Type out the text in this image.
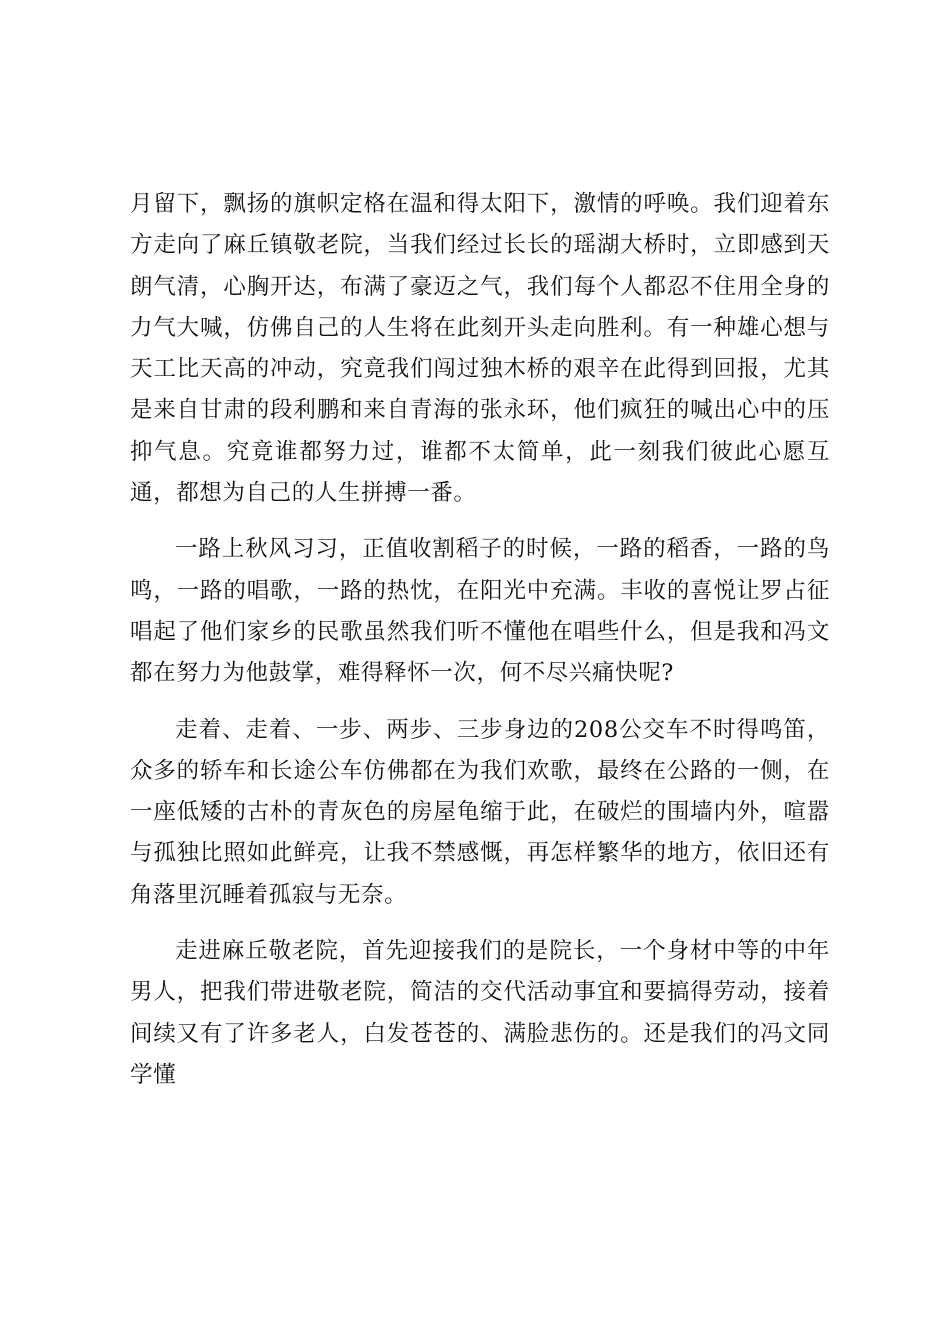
月留下，飘扬的旗帜定格在温和得太阳下，激情的呼唤。我们迎着东方走向了麻丘镇敬老院，当我们经过长长的瑶湖大桥时，立即感到天朗气清，心胸开达，布满了豪迈之气，我们每个人都忍不住用全身的力气大喊，仿佛自己的人生将在此刻开头走向胜利。有一种雄心想与天工比天高的冲动，究竟我们闯过独木桥的艰辛在此得到回报，尤其是来自甘肃的段利鹏和来自青海的张永环，他们疯狂的喊出心中的压抑气息。究竟谁都努力过，谁都不太简单，此一刻我们彼此心愿互通，都想为自己的人生拼搏一番。

一路上秋风习习，正值收割稻子的时候，一路的稻香，一路的鸟鸣，一路的唱歌，一路的热忱，在阳光中充满。丰收的喜悦让罗占征唱起了他们家乡的民歌虽然我们听不懂他在唱些什么，但是我和冯文都在努力为他鼓掌，难得释怀一次，何不尽兴痛快呢?

走着、走着、一步、两步、三步身边的208公交车不时得鸣笛，众多的轿车和长途公车仿佛都在为我们欢歌，最终在公路的一侧，在一座低矮的古朴的青灰色的房屋龟缩于此，在破烂的围墙内外，喧嚣与孤独比照如此鲜亮，让我不禁感慨，再怎样繁华的地方，依旧还有角落里沉睡着孤寂与无奈。

走进麻丘敬老院，首先迎接我们的是院长，一个身材中等的中年男人，把我们带进敬老院，简洁的交代活动事宜和要搞得劳动，接着间续又有了许多老人，白发苍苍的、满脸悲伤的。还是我们的冯文同学懂
